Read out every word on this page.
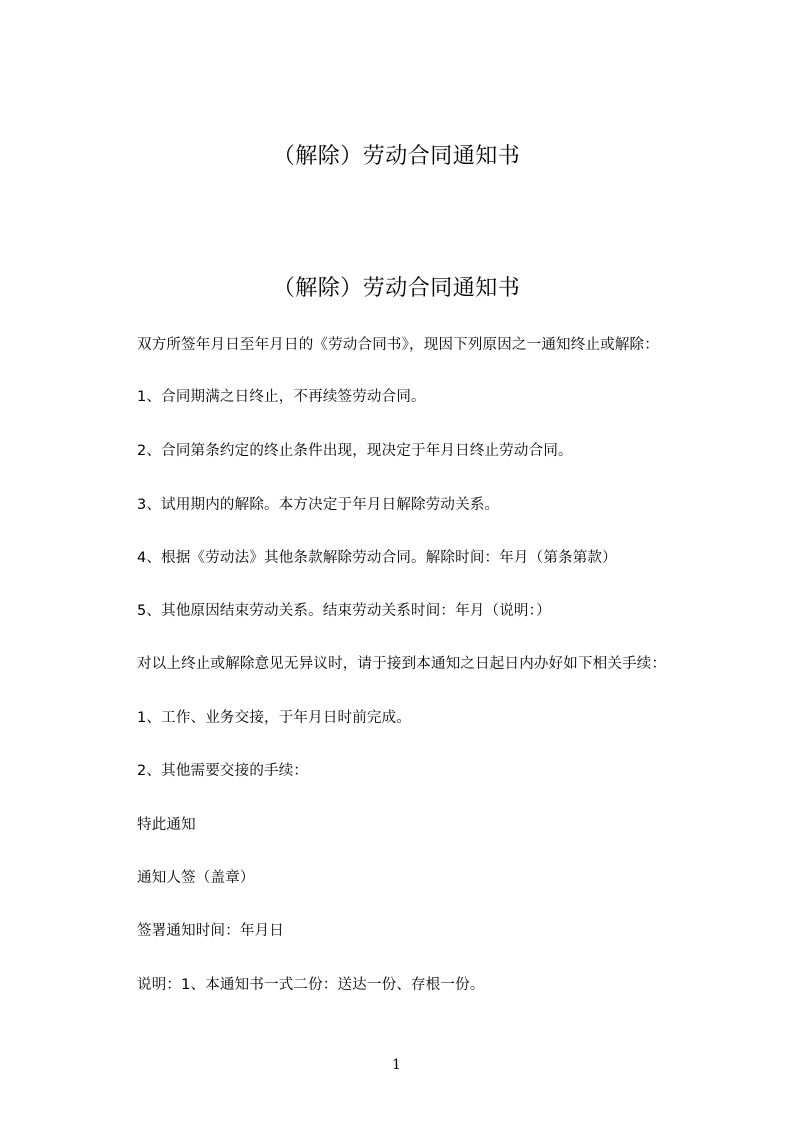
（解除）劳动合同通知书
（解除）劳动合同通知书

双方所签年月日至年月日的《劳动合同书》，现因下列原因之一通知终止或解除：

1、合同期满之日终止，不再续签劳动合同。

2、合同第条约定的终止条件出现，现决定于年月日终止劳动合同。

3、试用期内的解除。本方决定于年月日解除劳动关系。

4、根据《劳动法》其他条款解除劳动合同。解除时间：年月（第条第款）

5、其他原因结束劳动关系。结束劳动关系时间：年月（说明：）

对以上终止或解除意见无异议时，请于接到本通知之日起日内办好如下相关手续：

1、工作、业务交接，于年月日时前完成。

2、其他需要交接的手续：

特此通知

通知人签（盖章）

签署通知时间：年月日

说明：1、本通知书一式二份：送达一份、存根一份。

1
